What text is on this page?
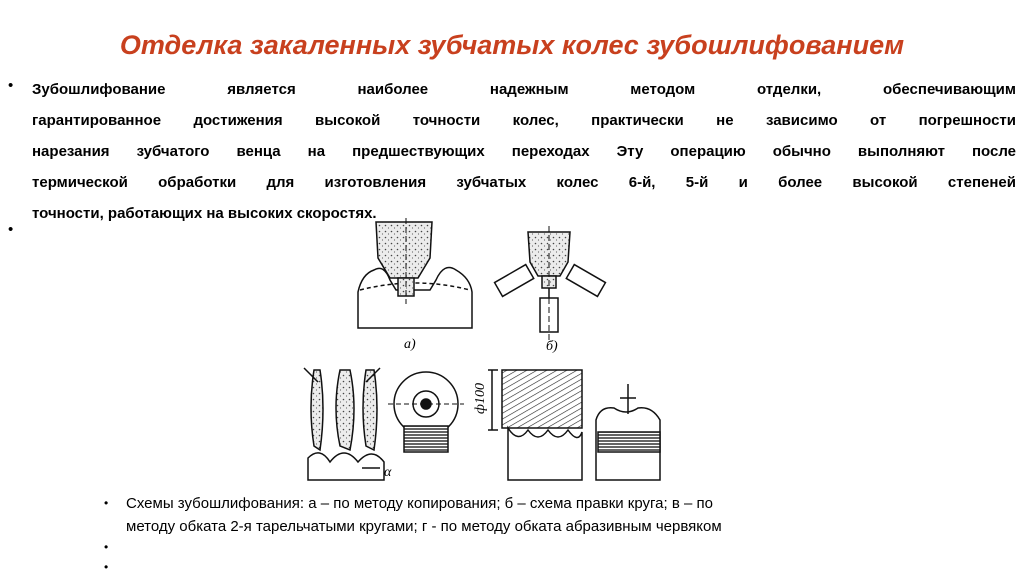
Отделка закаленных зубчатых колес зубошлифованием
• Зубошлифование является наиболее надежным методом отделки, обеспечивающим
гарантированное достижения высокой точности колес, практически не зависимо от погрешности
нарезания зубчатого венца на предшествующих переходах Эту операцию обычно выполняют после
термической обработки для изготовления зубчатых колес 6-й, 5-й и более высокой степеней
точности, работающих на высоких скоростях.

•
а)	б)
α
ф100
• Схемы зубошлифования: а – по методу копирования; б – схема правки круга; в – по
методу обката 2-я тарельчатыми кругами; г - по методу обката абразивным червяком
•
•
